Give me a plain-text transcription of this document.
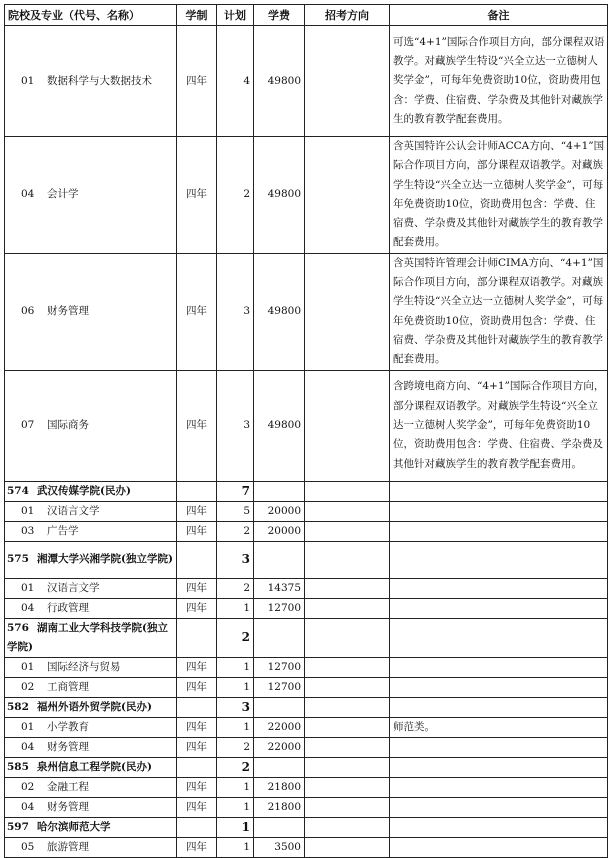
院校及专业（代号、名称）	学制	计划	学费	招考方向	备注
01 数据科学与大数据技术	四年	4	49800		可选“4+1”国际合作项目方向，部分课程双语教学。对藏族学生特设“兴全立达一立德树人奖学金”，可每年免费资助10位，资助费用包含：学费、住宿费、学杂费及其他针对藏族学生的教育教学配套费用。
04 会计学	四年	2	49800		含英国特许公认会计师ACCA方向、“4+1”国际合作项目方向，部分课程双语教学。对藏族学生特设“兴全立达一立德树人奖学金”，可每年免费资助10位，资助费用包含：学费、住宿费、学杂费及其他针对藏族学生的教育教学配套费用。
06 财务管理	四年	3	49800		含英国特许管理会计师CIMA方向、“4+1”国际合作项目方向，部分课程双语教学。对藏族学生特设“兴全立达一立德树人奖学金”，可每年免费资助10位，资助费用包含：学费、住宿费、学杂费及其他针对藏族学生的教育教学配套费用。
07 国际商务	四年	3	49800		含跨境电商方向、“4+1”国际合作项目方向，部分课程双语教学。对藏族学生特设“兴全立达一立德树人奖学金”，可每年免费资助10位，资助费用包含：学费、住宿费、学杂费及其他针对藏族学生的教育教学配套费用。
574 武汉传媒学院(民办)		7			
01 汉语言文学	四年	5	20000		
03 广告学	四年	2	20000		
575 湘潭大学兴湘学院(独立学院)		3			
01 汉语言文学	四年	2	14375		
04 行政管理	四年	1	12700		
576 湖南工业大学科技学院(独立学院)		2			
01 国际经济与贸易	四年	1	12700		
02 工商管理	四年	1	12700		
582 福州外语外贸学院(民办)		3			
01 小学教育	四年	1	22000		师范类。
04 财务管理	四年	2	22000		
585 泉州信息工程学院(民办)		2			
02 金融工程	四年	1	21800		
04 财务管理	四年	1	21800		
597 哈尔滨师范大学		1			
05 旅游管理	四年	1	3500		
